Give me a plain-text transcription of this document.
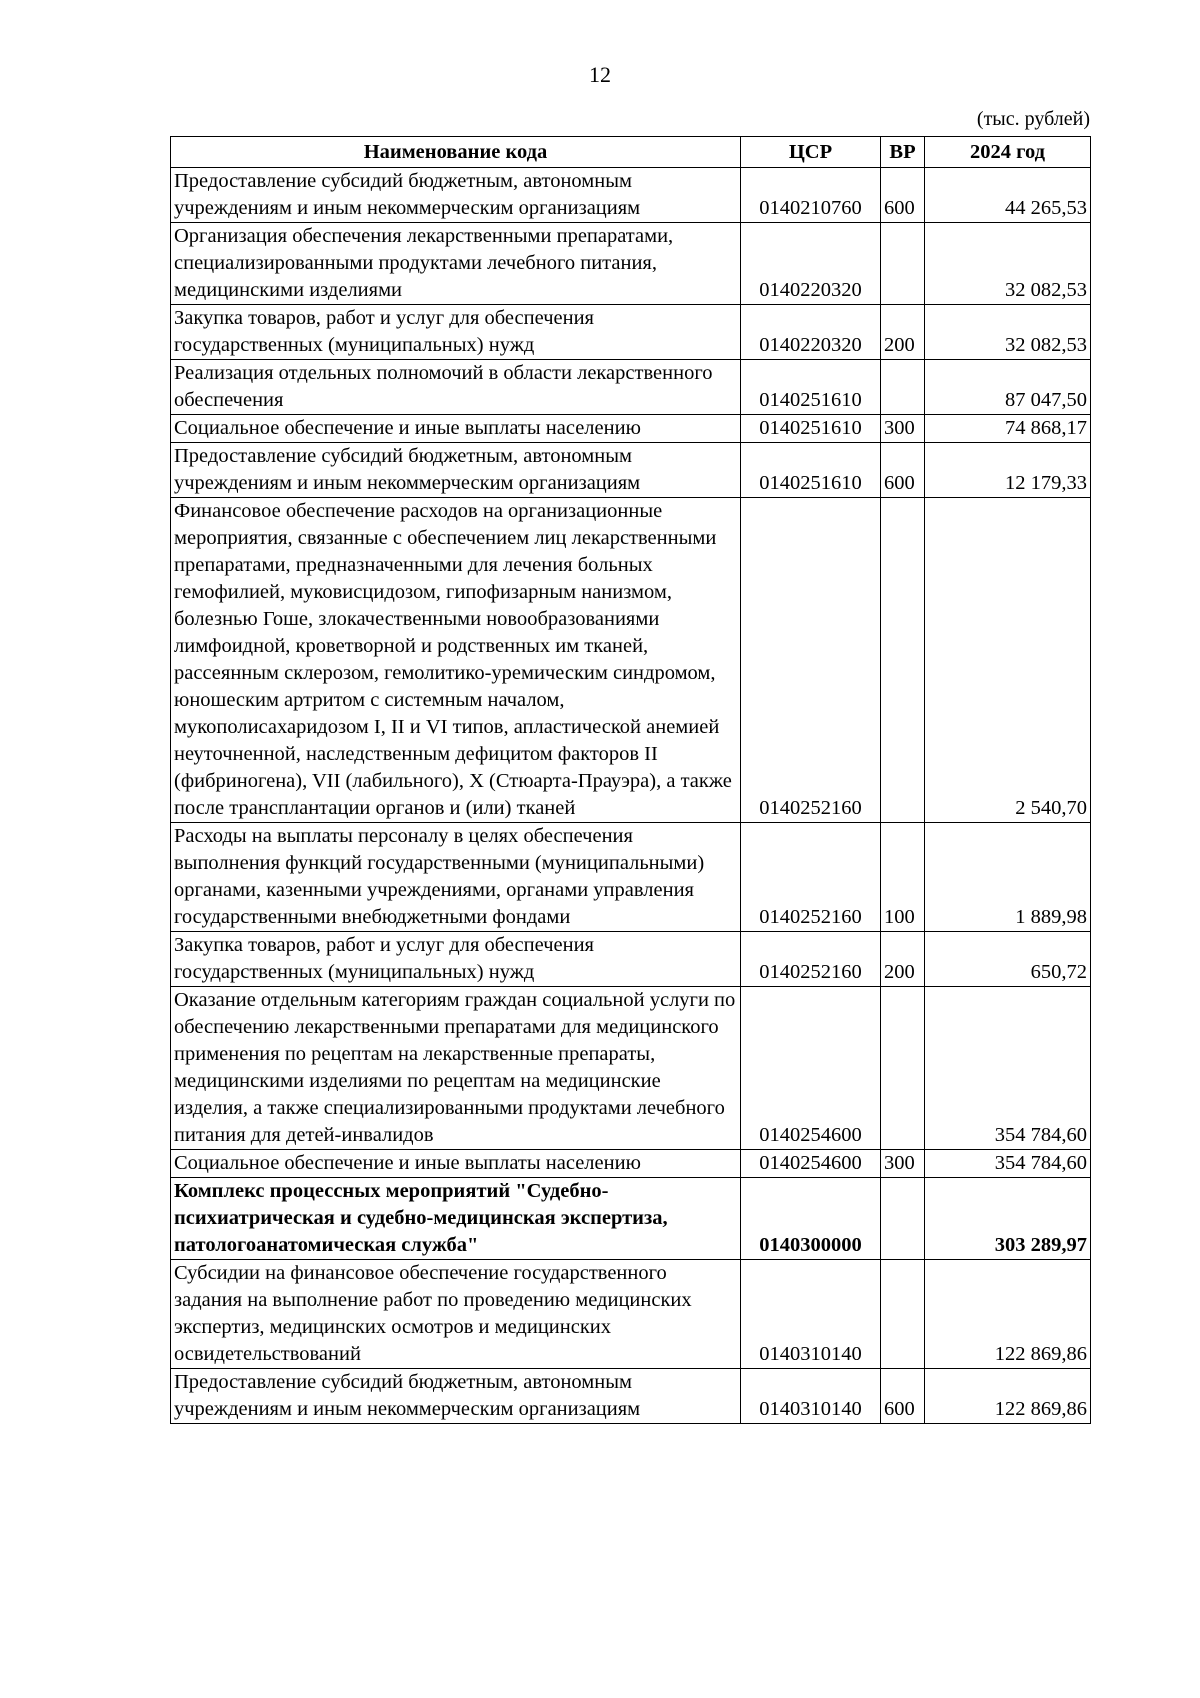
12
(тыс. рублей)
Наименование кода	ЦСР	ВР	2024 год
Предоставление субсидий бюджетным, автономным учреждениям и иным некоммерческим организациям	0140210760	600	44 265,53
Организация обеспечения лекарственными препаратами, специализированными продуктами лечебного питания, медицинскими изделиями	0140220320		32 082,53
Закупка товаров, работ и услуг для обеспечения государственных (муниципальных) нужд	0140220320	200	32 082,53
Реализация отдельных полномочий в области лекарственного обеспечения	0140251610		87 047,50
Социальное обеспечение и иные выплаты населению	0140251610	300	74 868,17
Предоставление субсидий бюджетным, автономным учреждениям и иным некоммерческим организациям	0140251610	600	12 179,33
Финансовое обеспечение расходов на организационные мероприятия, связанные с обеспечением лиц лекарственными препаратами, предназначенными для лечения больных гемофилией, муковисцидозом, гипофизарным нанизмом, болезнью Гоше, злокачественными новообразованиями лимфоидной, кроветворной и родственных им тканей, рассеянным склерозом, гемолитико-уремическим синдромом, юношеским артритом с системным началом, мукополисахаридозом I, II и VI типов, апластической анемией неуточненной, наследственным дефицитом факторов II (фибриногена), VII (лабильного), X (Стюарта-Прауэра), а также после трансплантации органов и (или) тканей	0140252160		2 540,70
Расходы на выплаты персоналу в целях обеспечения выполнения функций государственными (муниципальными) органами, казенными учреждениями, органами управления государственными внебюджетными фондами	0140252160	100	1 889,98
Закупка товаров, работ и услуг для обеспечения государственных (муниципальных) нужд	0140252160	200	650,72
Оказание отдельным категориям граждан социальной услуги по обеспечению лекарственными препаратами для медицинского применения по рецептам на лекарственные препараты, медицинскими изделиями по рецептам на медицинские изделия, а также специализированными продуктами лечебного питания для детей-инвалидов	0140254600		354 784,60
Социальное обеспечение и иные выплаты населению	0140254600	300	354 784,60
Комплекс процессных мероприятий "Судебно-психиатрическая и судебно-медицинская экспертиза, патологоанатомическая служба"	0140300000		303 289,97
Субсидии на финансовое обеспечение государственного задания на выполнение работ по проведению медицинских экспертиз, медицинских осмотров и медицинских освидетельствований	0140310140		122 869,86
Предоставление субсидий бюджетным, автономным учреждениям и иным некоммерческим организациям	0140310140	600	122 869,86
